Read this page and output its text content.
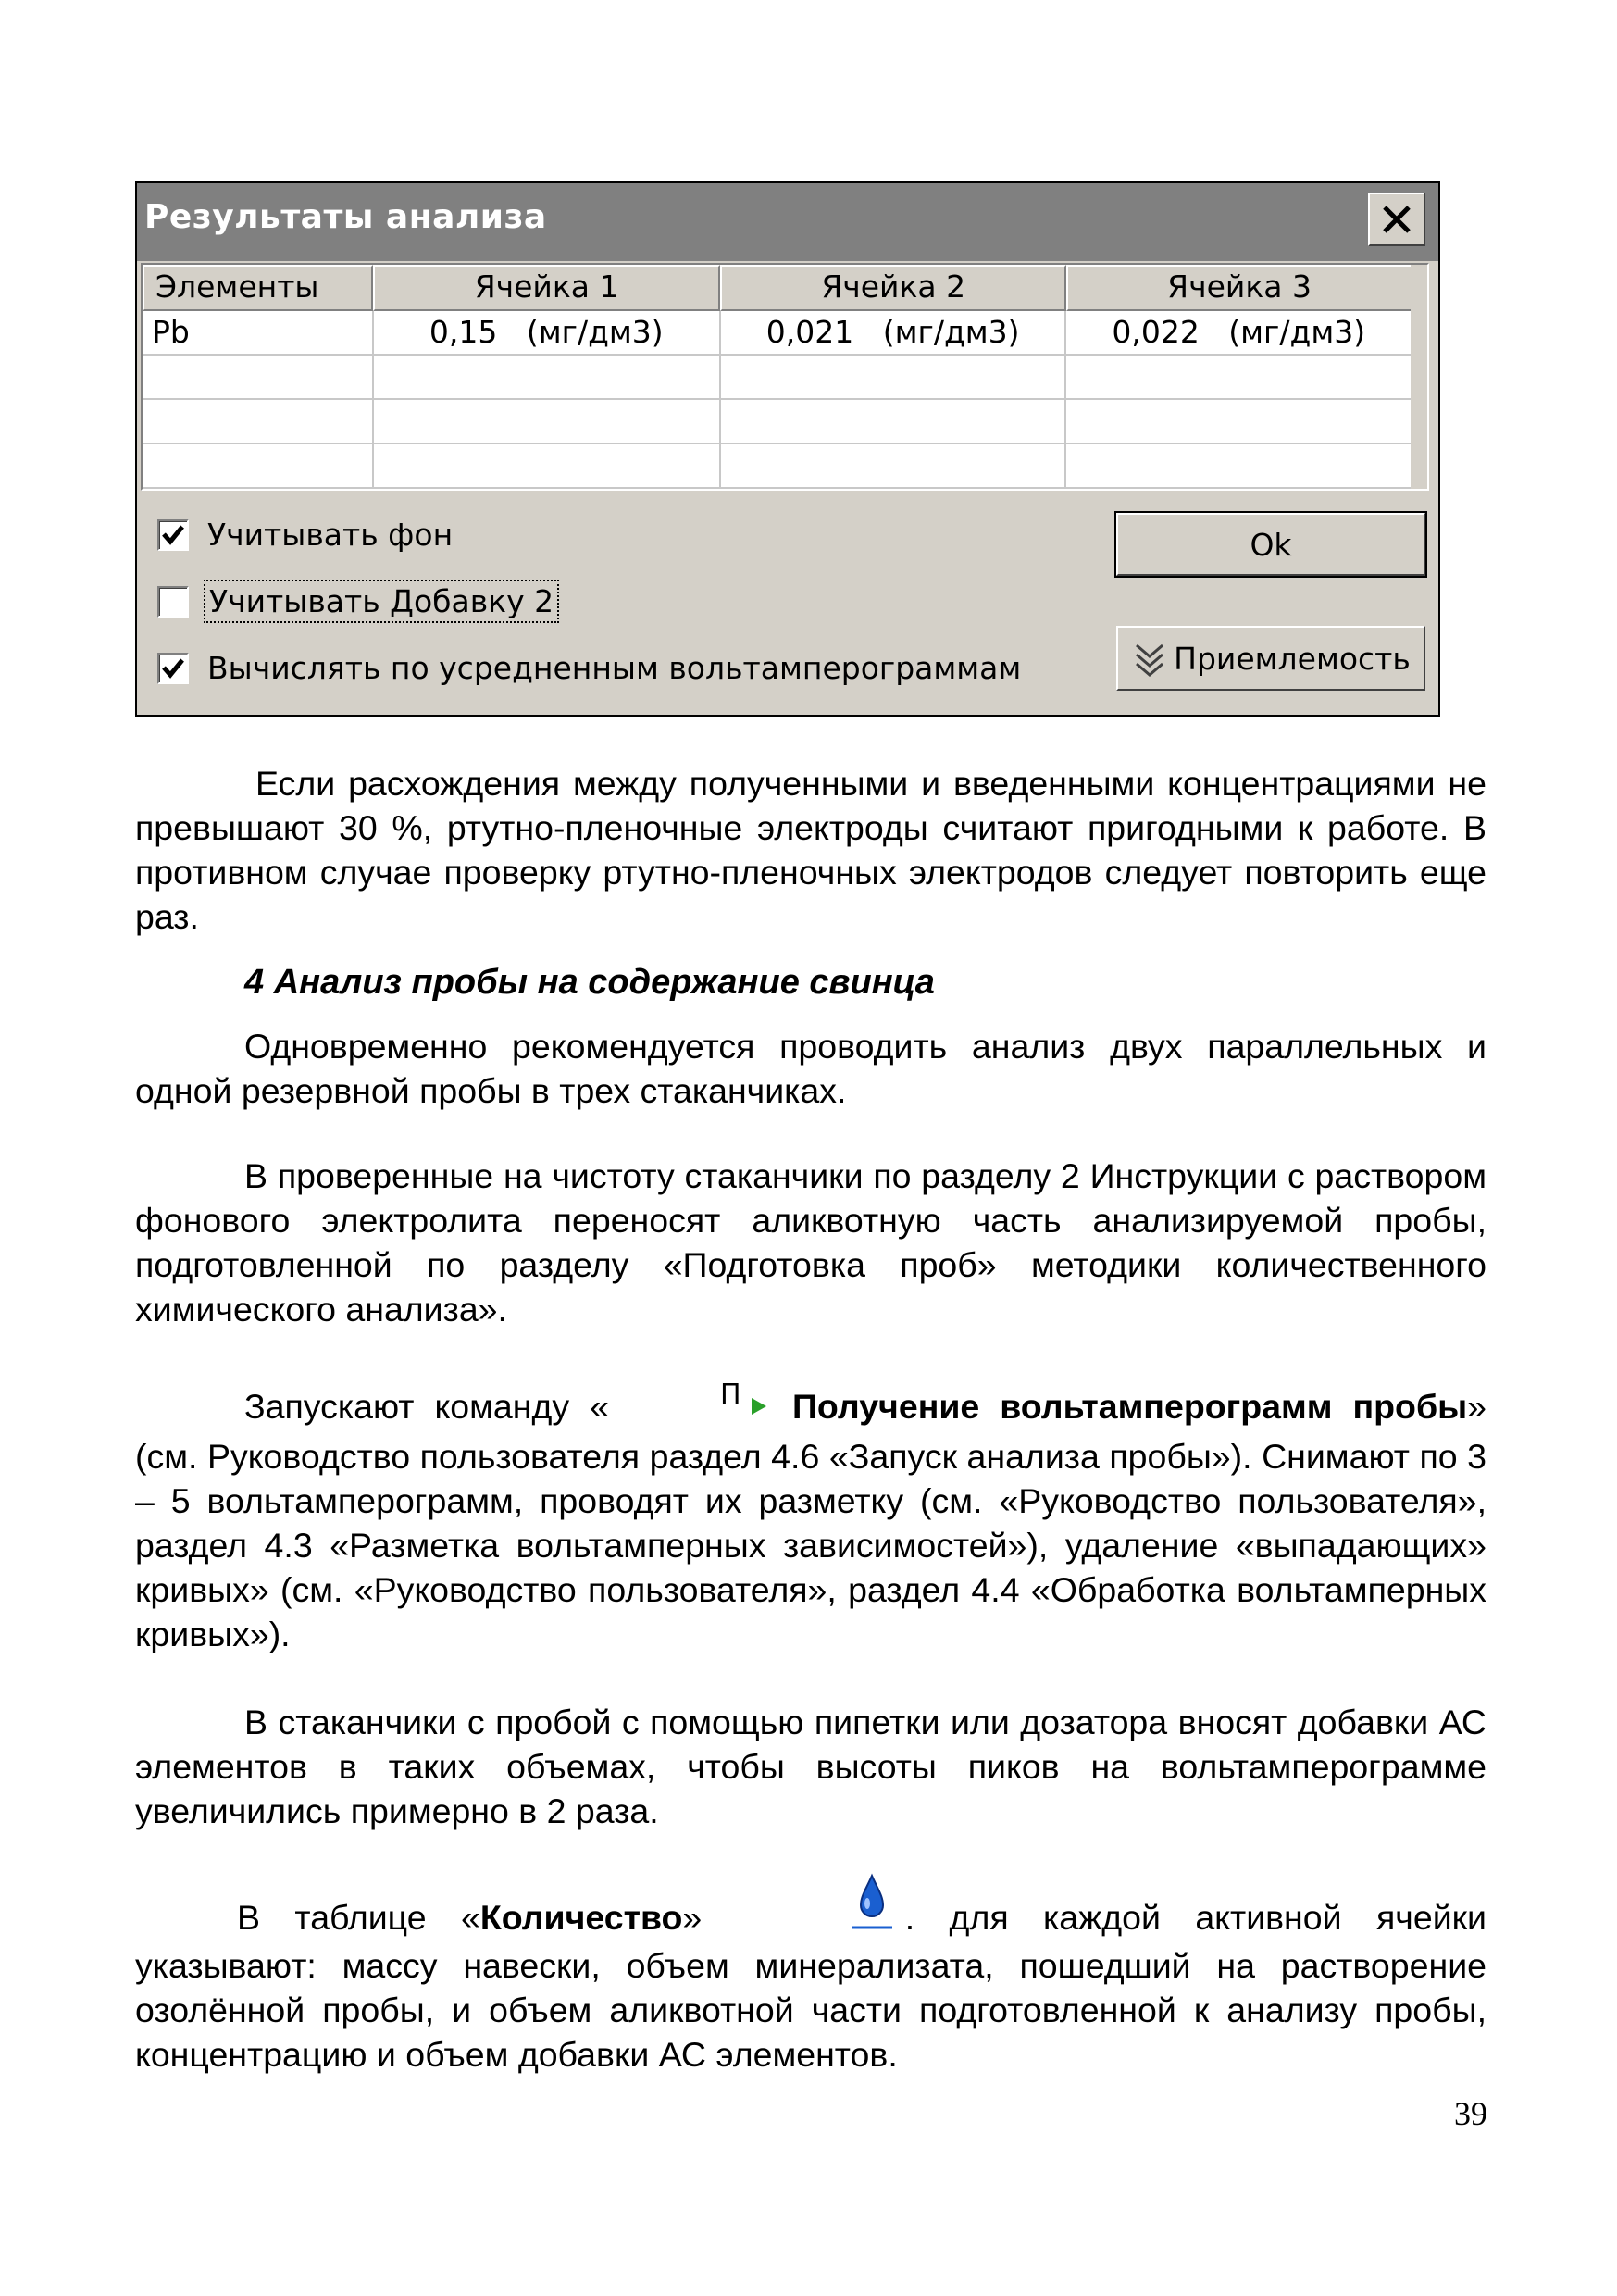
Результаты анализа
Элементы	Ячейка 1	Ячейка 2	Ячейка 3
Pb	0,15   (мг/дм3)	0,021   (мг/дм3)	0,022   (мг/дм3)
Учитывать фон
Учитывать Добавку 2
Вычислять по усредненным вольтамперограммам
Ok
Приемлемость

Если расхождения между полученными и введенными концентрациями не превышают 30 %, ртутно-пленочные электроды считают пригодными к работе. В противном случае проверку ртутно-пленочных электродов следует повторить еще раз.

4 Анализ пробы на содержание свинца

Одновременно рекомендуется проводить анализ двух параллельных и одной резервной пробы в трех стаканчиках.

В проверенные на чистоту стаканчики по разделу 2 Инструкции с раствором фонового электролита переносят аликвотную часть анализируемой пробы, подготовленной по разделу «Подготовка проб» методики количественного химического анализа».

Запускают команду «	П Получение вольтамперограмм пробы» (см. Руководство пользователя раздел 4.6 «Запуск анализа пробы»). Снимают по 3 – 5 вольтамперограмм, проводят их разметку (см. «Руководство пользователя», раздел 4.3 «Разметка вольтамперных зависимостей»), удаление «выпадающих» кривых» (см. «Руководство пользователя», раздел 4.4 «Обработка вольтамперных кривых»).

В стаканчики с пробой с помощью пипетки или дозатора вносят добавки АС элементов в таких объемах, чтобы высоты пиков на вольтамперограмме увеличились примерно в 2 раза.

В таблице «Количество»	. для каждой активной ячейки указывают: массу навески, объем минерализата, пошедший на растворение озолённой пробы, и объем аликвотной части подготовленной к анализу пробы, концентрацию и объем добавки АС элементов.

39
